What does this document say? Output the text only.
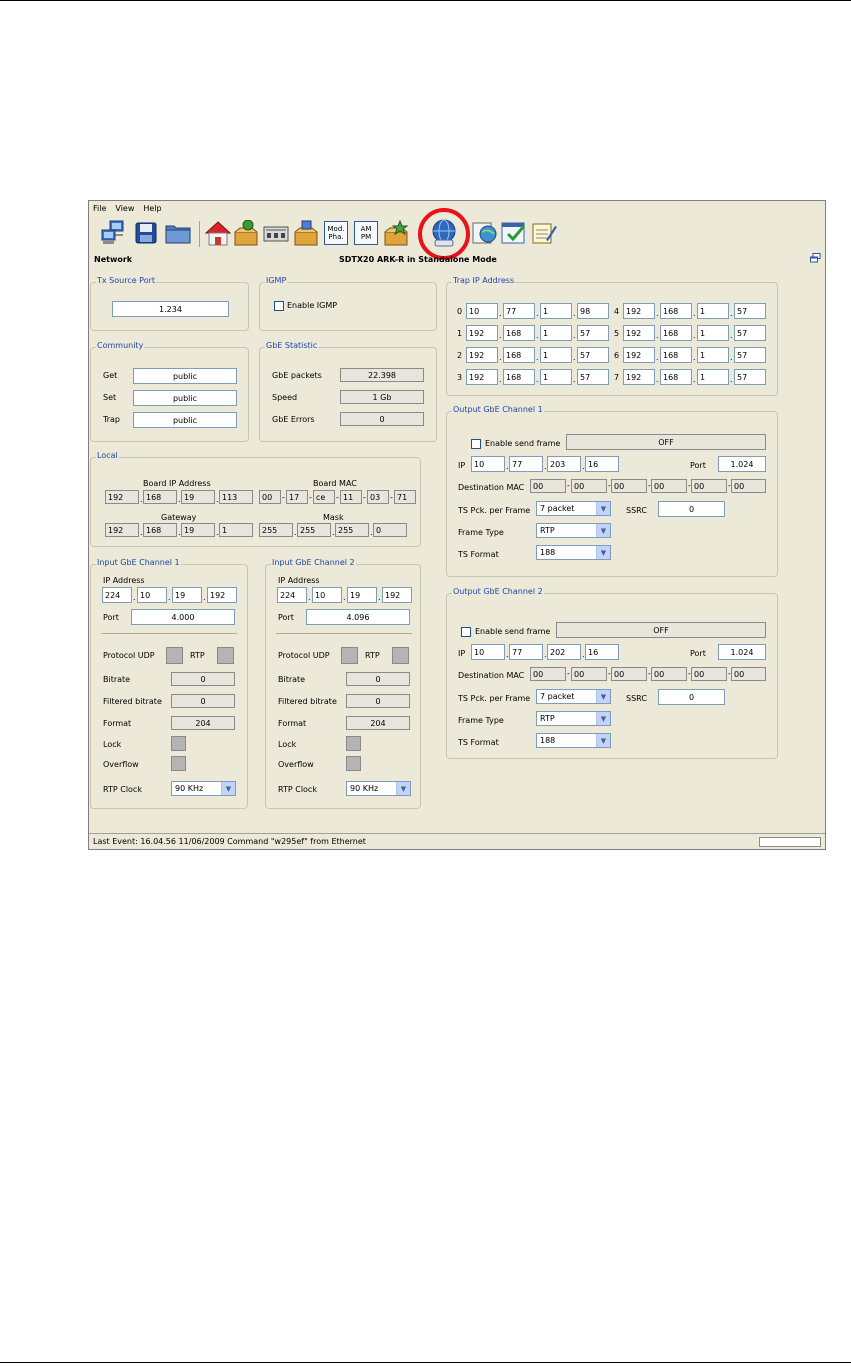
File View Help
Mod.
Pha.
AM
PM
Network	SDTX20 ARK-R in Standalone Mode
Tx Source Port
1.234
IGMP
Enable IGMP
Community
Get	public
Set	public
Trap	public
GbE Statistic
GbE packets	22.398
Speed	1 Gb
GbE Errors	0
Local
Board IP Address
192	. 168	. 19	. 113
Board MAC
00	- 17	- ce	- 11	- 03	- 71
Gateway
192	. 168	. 19	. 1
Mask
255	. 255	. 255	. 0
Input GbE Channel 1
IP Address
224	. 10	. 19	. 192
Port	4.000
Protocol UDP	RTP
Bitrate	0
Filtered bitrate	0
Format	204
Lock
Overflow
RTP Clock	90 KHz	▼
Input GbE Channel 2
IP Address
224	. 10	. 19	. 192
Port	4.096
Protocol UDP	RTP
Bitrate	0
Filtered bitrate	0
Format	204
Lock
Overflow
RTP Clock	90 KHz	▼
Trap IP Address
0 10	. 77	. 1	. 98
1 192	. 168	. 1	. 57
2 192	. 168	. 1	. 57
3 192	. 168	. 1	. 57
4 192	. 168	. 1	. 57
5 192	. 168	. 1	. 57
6 192	. 168	. 1	. 57
7 192	. 168	. 1	. 57
Output GbE Channel 1
Enable send frame	OFF
IP	10	. 77	. 203	. 16	Port	1.024
Destination MAC	00	- 00	- 00	- 00	- 00	- 00
TS Pck. per Frame 7 packet	▼	SSRC	0
Frame Type	RTP	▼
TS Format	188	▼
Output GbE Channel 2
Enable send frame	OFF
IP	10	. 77	. 202	. 16	Port	1.024
Destination MAC	00	- 00	- 00	- 00	- 00	- 00
TS Pck. per Frame 7 packet	▼	SSRC	0
Frame Type	RTP	▼
TS Format	188	▼
Last Event: 16.04.56 11/06/2009 Command "w295ef" from Ethernet
